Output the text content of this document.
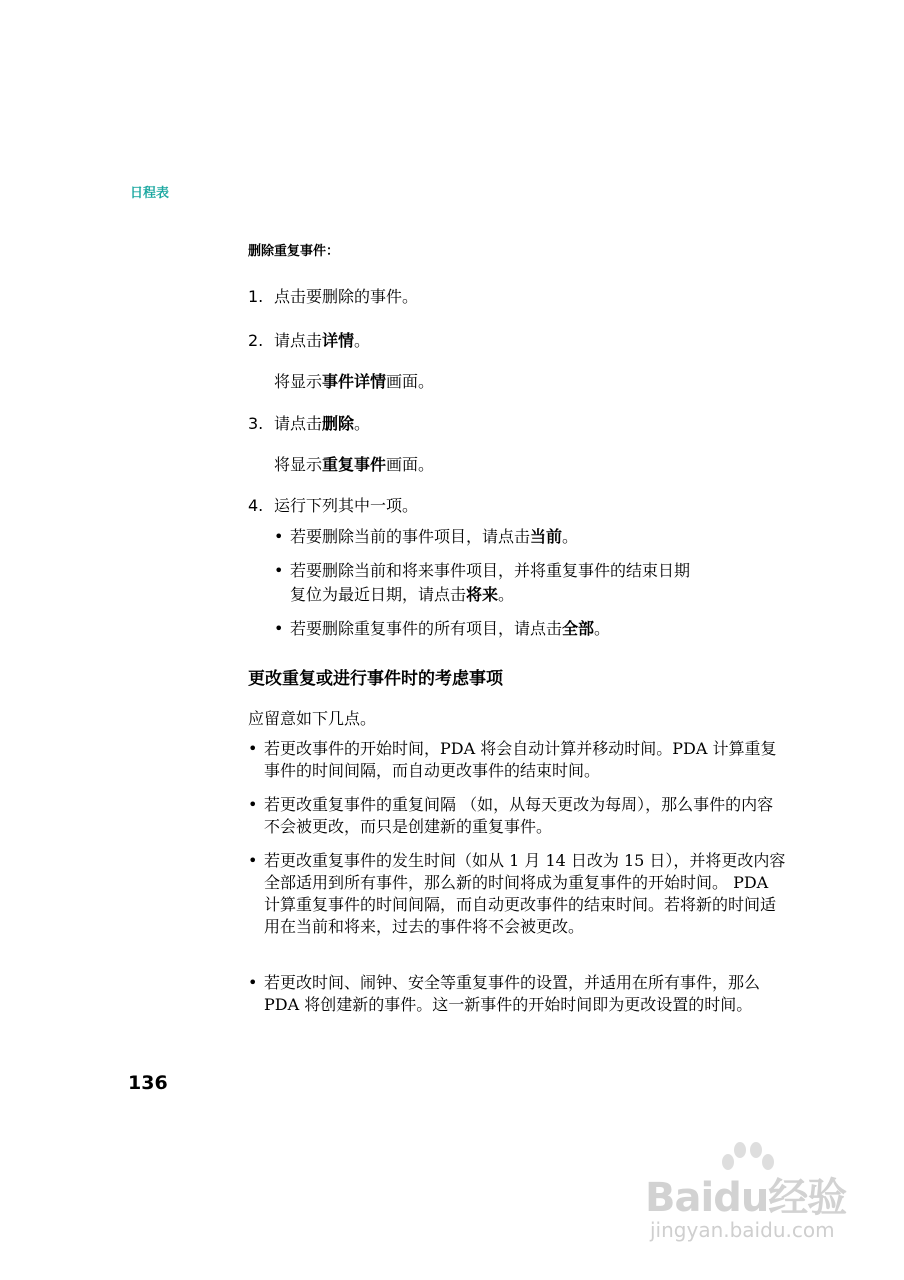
日程表
删除重复事件：
1. 点击要删除的事件。
2. 请点击详情。
将显示事件详情画面。
3. 请点击删除。
将显示重复事件画面。
4. 运行下列其中一项。
• 若要删除当前的事件项目，请点击当前。
• 若要删除当前和将来事件项目，并将重复事件的结束日期
复位为最近日期，请点击将来。
• 若要删除重复事件的所有项目，请点击全部。
更改重复或进行事件时的考虑事项
应留意如下几点。
• 若更改事件的开始时间，PDA 将会自动计算并移动时间。PDA 计算重复事件的时间间隔，而自动更改事件的结束时间。
• 若更改重复事件的重复间隔 （如，从每天更改为每周），那么事件的内容不会被更改，而只是创建新的重复事件。
• 若更改重复事件的发生时间（如从 1 月 14 日改为 15 日），并将更改内容全部适用到所有事件，那么新的时间将成为重复事件的开始时间。 PDA 计算重复事件的时间间隔，而自动更改事件的结束时间。若将新的时间适用在当前和将来，过去的事件将不会被更改。
• 若更改时间、闹钟、安全等重复事件的设置，并适用在所有事件，那么 PDA 将创建新的事件。这一新事件的开始时间即为更改设置的时间。
136
Baidu经验
jingyan.baidu.com
